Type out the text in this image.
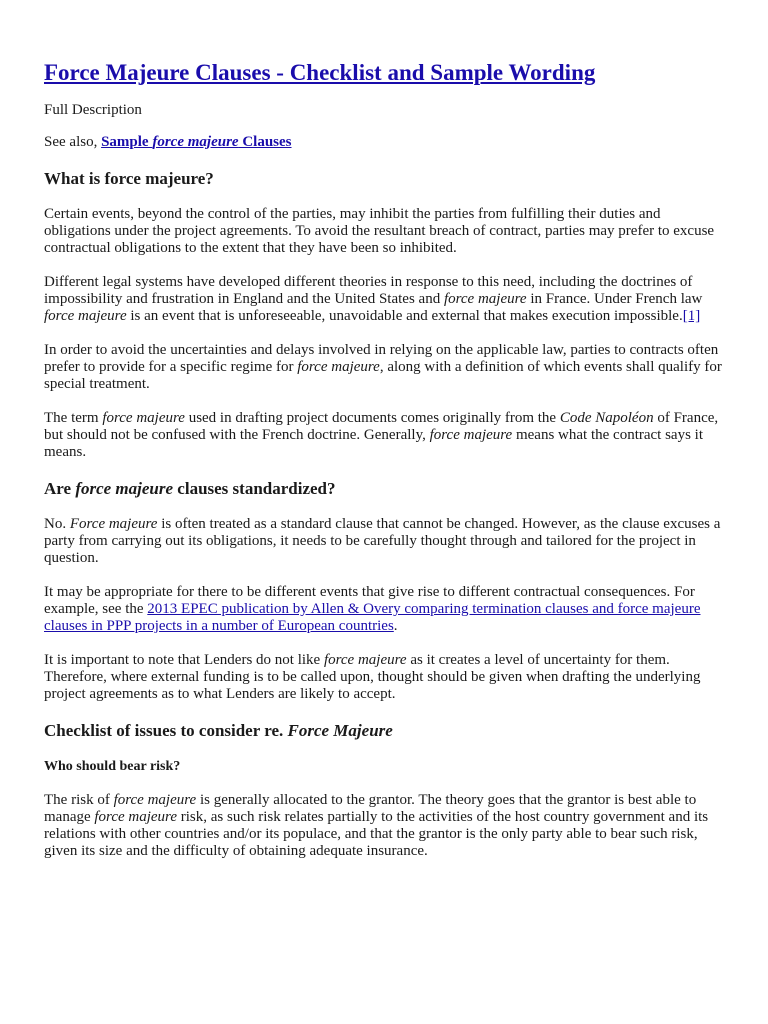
Force Majeure Clauses - Checklist and Sample Wording

Full Description

See also, Sample force majeure Clauses

What is force majeure?

Certain events, beyond the control of the parties, may inhibit the parties from fulfilling their duties and obligations under the project agreements. To avoid the resultant breach of contract, parties may prefer to excuse contractual obligations to the extent that they have been so inhibited.

Different legal systems have developed different theories in response to this need, including the doctrines of impossibility and frustration in England and the United States and force majeure in France. Under French law force majeure is an event that is unforeseeable, unavoidable and external that makes execution impossible.[1]

In order to avoid the uncertainties and delays involved in relying on the applicable law, parties to contracts often prefer to provide for a specific regime for force majeure, along with a definition of which events shall qualify for special treatment.

The term force majeure used in drafting project documents comes originally from the Code Napoléon of France, but should not be confused with the French doctrine. Generally, force majeure means what the contract says it means.

Are force majeure clauses standardized?

No. Force majeure is often treated as a standard clause that cannot be changed. However, as the clause excuses a party from carrying out its obligations, it needs to be carefully thought through and tailored for the project in question.

It may be appropriate for there to be different events that give rise to different contractual consequences. For example, see the 2013 EPEC publication by Allen & Overy comparing termination clauses and force majeure clauses in PPP projects in a number of European countries.

It is important to note that Lenders do not like force majeure as it creates a level of uncertainty for them. Therefore, where external funding is to be called upon, thought should be given when drafting the underlying project agreements as to what Lenders are likely to accept.

Checklist of issues to consider re. Force Majeure
Who should bear risk?

The risk of force majeure is generally allocated to the grantor. The theory goes that the grantor is best able to manage force majeure risk, as such risk relates partially to the activities of the host country government and its relations with other countries and/or its populace, and that the grantor is the only party able to bear such risk, given its size and the difficulty of obtaining adequate insurance.
